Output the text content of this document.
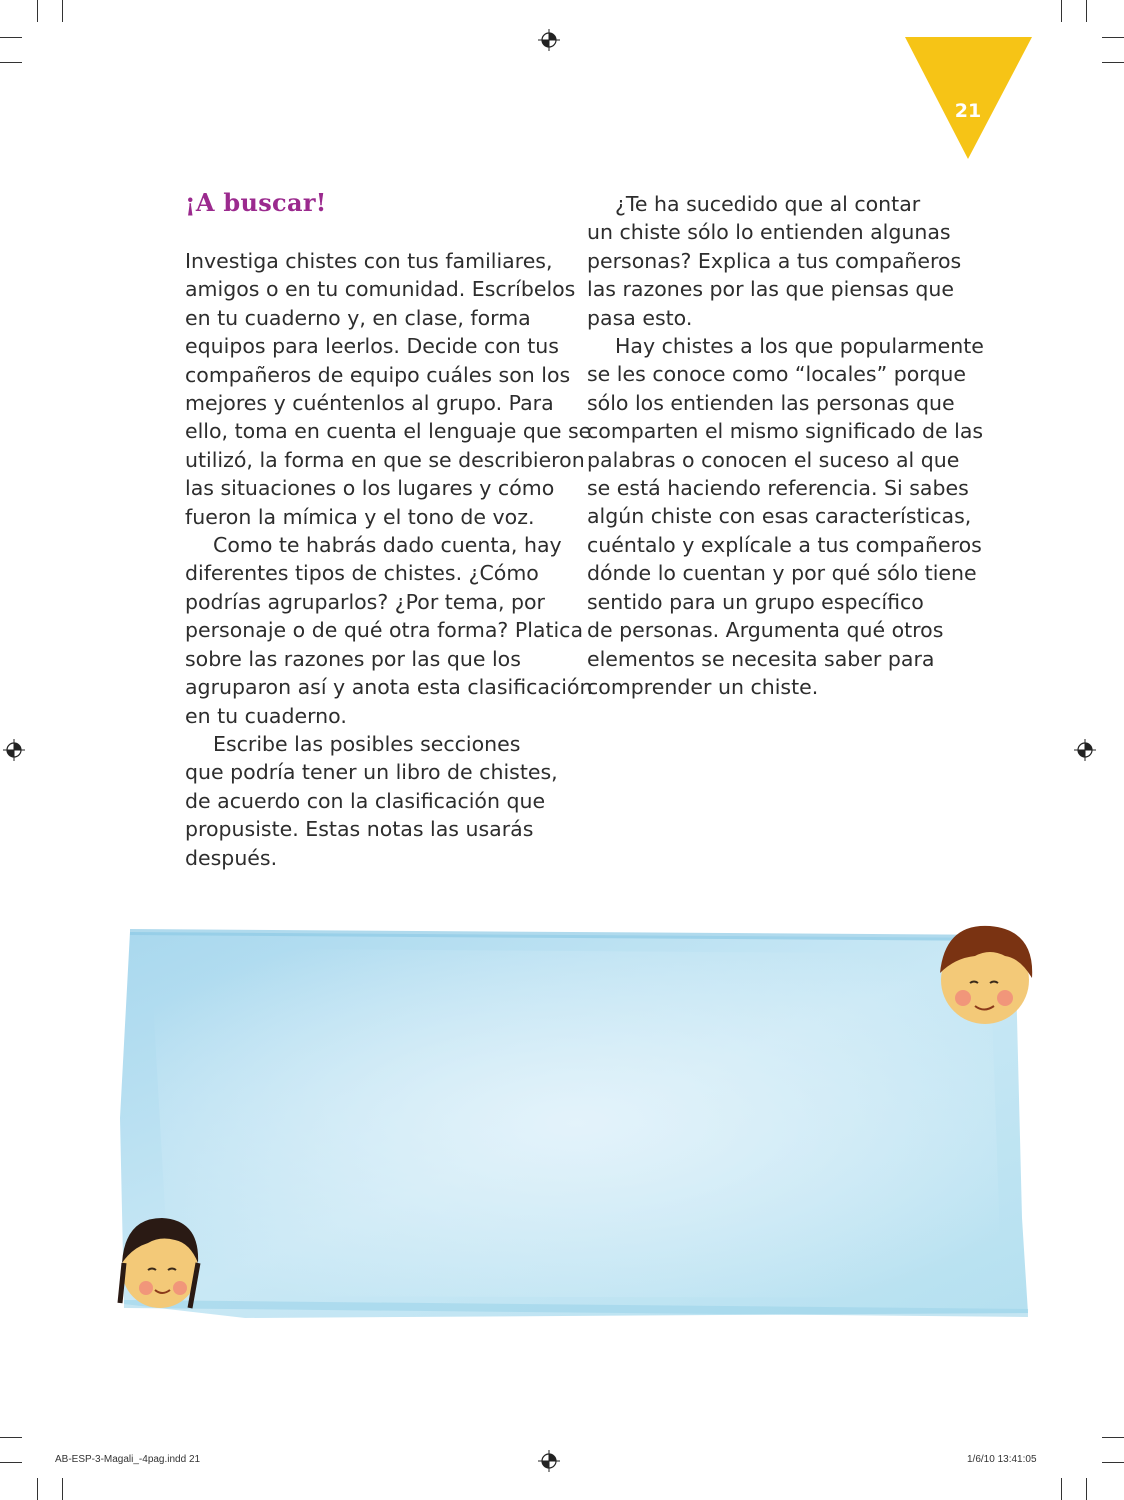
21
¡A buscar!

Investiga chistes con tus familiares,

amigos o en tu comunidad. Escríbelos

en tu cuaderno y, en clase, forma

equipos para leerlos. Decide con tus

compañeros de equipo cuáles son los

mejores y cuéntenlos al grupo. Para

ello, toma en cuenta el lenguaje que se

utilizó, la forma en que se describieron

las situaciones o los lugares y cómo

fueron la mímica y el tono de voz.

Como te habrás dado cuenta, hay

diferentes tipos de chistes. ¿Cómo

podrías agruparlos? ¿Por tema, por

personaje o de qué otra forma? Platica

sobre las razones por las que los

agruparon así y anota esta clasificación

en tu cuaderno.

Escribe las posibles secciones

que podría tener un libro de chistes,

de acuerdo con la clasificación que

propusiste. Estas notas las usarás

después.

¿Te ha sucedido que al contar

un chiste sólo lo entienden algunas

personas? Explica a tus compañeros

las razones por las que piensas que

pasa esto.

Hay chistes a los que popularmente

se les conoce como “locales” porque

sólo los entienden las personas que

comparten el mismo significado de las

palabras o conocen el suceso al que

se está haciendo referencia. Si sabes

algún chiste con esas características,

cuéntalo y explícale a tus compañeros

dónde lo cuentan y por qué sólo tiene

sentido para un grupo específico

de personas. Argumenta qué otros

elementos se necesita saber para

comprender un chiste.

AB-ESP-3-Magali_-4pag.indd 21	1/6/10 13:41:05
